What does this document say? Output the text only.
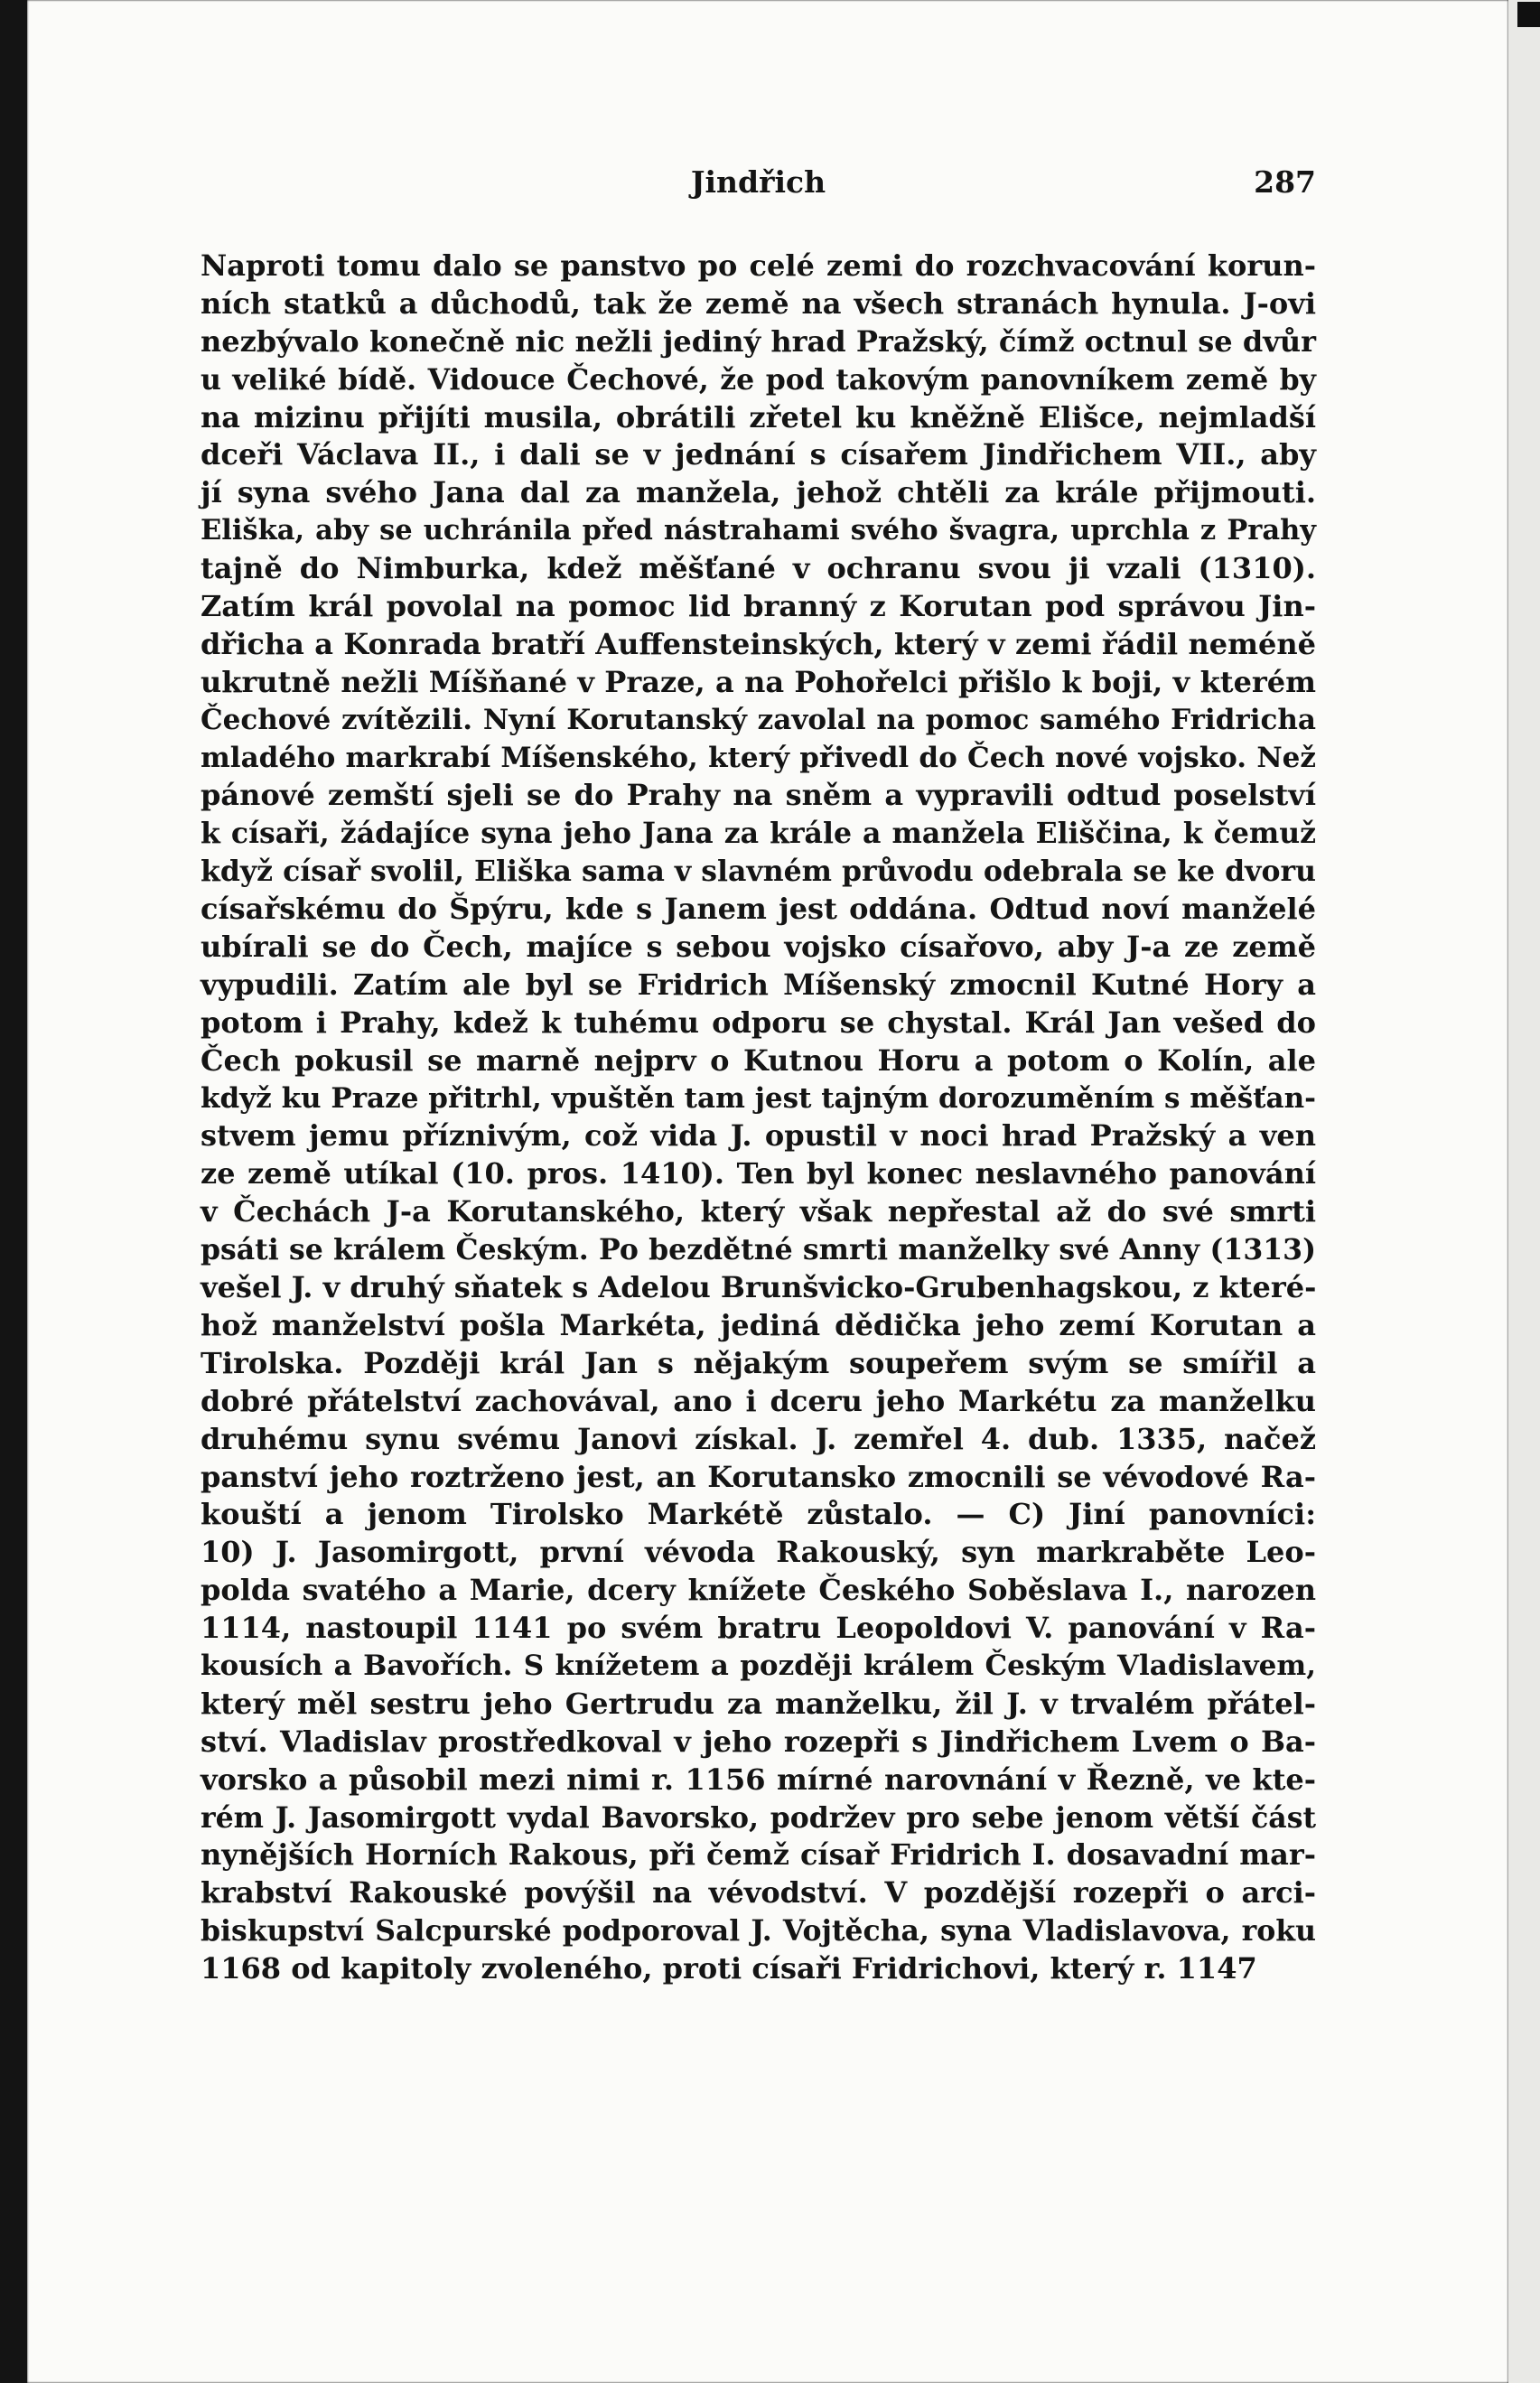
Jindřich	287
Naproti tomu dalo se panstvo po celé zemi do rozchvacování korun-
ních statků a důchodů, tak že země na všech stranách hynula. J-ovi
nezbývalo konečně nic nežli jediný hrad Pražský, čímž octnul se dvůr
u veliké bídě. Vidouce Čechové, že pod takovým panovníkem země by
na mizinu přijíti musila, obrátili zřetel ku kněžně Elišce, nejmladší
dceři Václava II., i dali se v jednání s císařem Jindřichem VII., aby
jí syna svého Jana dal za manžela, jehož chtěli za krále přijmouti.
Eliška, aby se uchránila před nástrahami svého švagra, uprchla z Prahy
tajně do Nimburka, kdež měšťané v ochranu svou ji vzali (1310).
Zatím král povolal na pomoc lid branný z Korutan pod správou Jin-
dřicha a Konrada bratří Auffensteinských, který v zemi řádil neméně
ukrutně nežli Míšňané v Praze, a na Pohořelci přišlo k boji, v kterém
Čechové zvítězili. Nyní Korutanský zavolal na pomoc samého Fridricha
mladého markrabí Míšenského, který přivedl do Čech nové vojsko. Než
pánové zemští sjeli se do Prahy na sněm a vypravili odtud poselství
k císaři, žádajíce syna jeho Jana za krále a manžela Eliščina, k čemuž
když císař svolil, Eliška sama v slavném průvodu odebrala se ke dvoru
císařskému do Špýru, kde s Janem jest oddána. Odtud noví manželé
ubírali se do Čech, majíce s sebou vojsko císařovo, aby J-a ze země
vypudili. Zatím ale byl se Fridrich Míšenský zmocnil Kutné Hory a
potom i Prahy, kdež k tuhému odporu se chystal. Král Jan vešed do
Čech pokusil se marně nejprv o Kutnou Horu a potom o Kolín, ale
když ku Praze přitrhl, vpuštěn tam jest tajným dorozuměním s měšťan-
stvem jemu příznivým, což vida J. opustil v noci hrad Pražský a ven
ze země utíkal (10. pros. 1410). Ten byl konec neslavného panování
v Čechách J-a Korutanského, který však nepřestal až do své smrti
psáti se králem Českým. Po bezdětné smrti manželky své Anny (1313)
vešel J. v druhý sňatek s Adelou Brunšvicko-Grubenhagskou, z které-
hož manželství pošla Markéta, jediná dědička jeho zemí Korutan a
Tirolska. Později král Jan s nějakým soupeřem svým se smířil a
dobré přátelství zachovával, ano i dceru jeho Markétu za manželku
druhému synu svému Janovi získal. J. zemřel 4. dub. 1335, načež
panství jeho roztrženo jest, an Korutansko zmocnili se vévodové Ra-
kouští a jenom Tirolsko Markétě zůstalo. — C) Jiní panovníci:
10) J. Jasomirgott, první vévoda Rakouský, syn markraběte Leo-
polda svatého a Marie, dcery knížete Českého Soběslava I., narozen
1114, nastoupil 1141 po svém bratru Leopoldovi V. panování v Ra-
kousích a Bavořích. S knížetem a později králem Českým Vladislavem,
který měl sestru jeho Gertrudu za manželku, žil J. v trvalém přátel-
ství. Vladislav prostředkoval v jeho rozepři s Jindřichem Lvem o Ba-
vorsko a působil mezi nimi r. 1156 mírné narovnání v Řezně, ve kte-
rém J. Jasomirgott vydal Bavorsko, podržev pro sebe jenom větší část
nynějších Horních Rakous, při čemž císař Fridrich I. dosavadní mar-
krabství Rakouské povýšil na vévodství. V pozdější rozepři o arci-
biskupství Salcpurské podporoval J. Vojtěcha, syna Vladislavova, roku
1168 od kapitoly zvoleného, proti císaři Fridrichovi, který r. 1147
